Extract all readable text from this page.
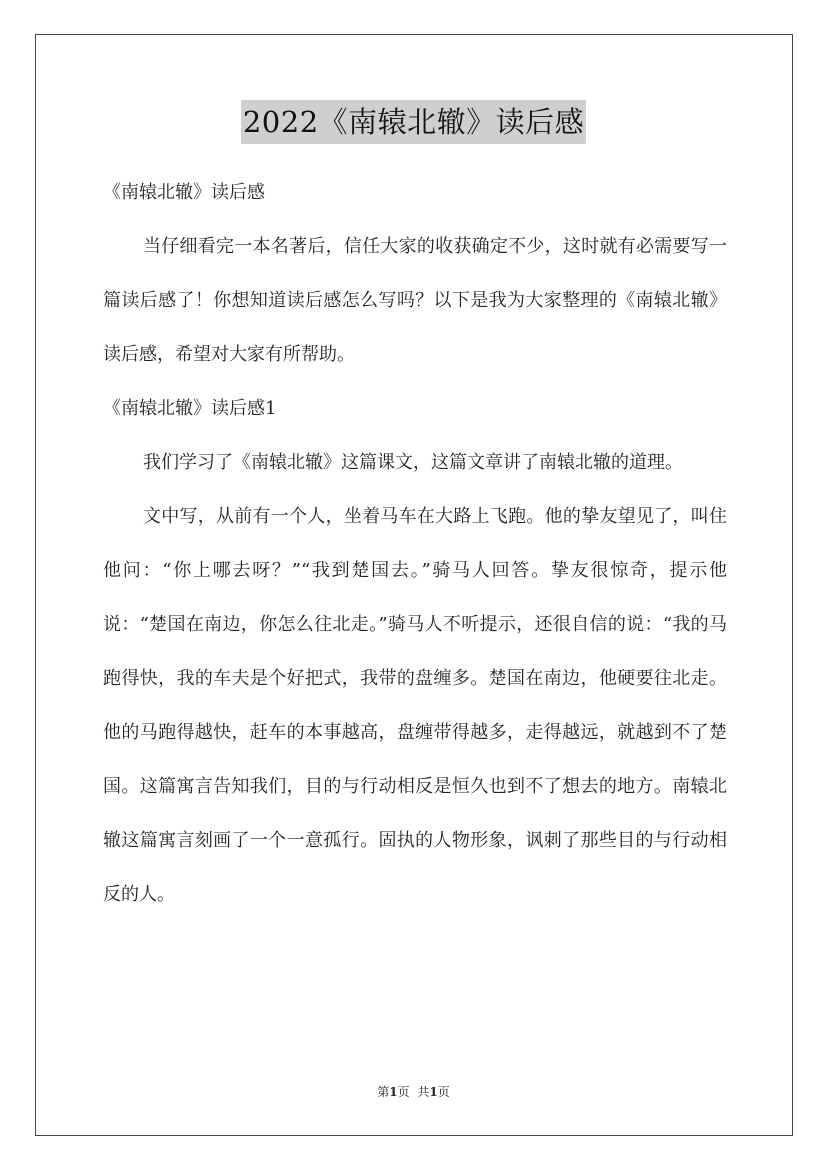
2022《南辕北辙》读后感

《南辕北辙》读后感

当仔细看完一本名著后，信任大家的收获确定不少，这时就有必需要写一篇读后感了！你想知道读后感怎么写吗？以下是我为大家整理的《南辕北辙》读后感，希望对大家有所帮助。

《南辕北辙》读后感1

我们学习了《南辕北辙》这篇课文，这篇文章讲了南辕北辙的道理。

文中写，从前有一个人，坐着马车在大路上飞跑。他的挚友望见了，叫住他问：“你上哪去呀？”“我到楚国去。”骑马人回答。挚友很惊奇，提示他说：“楚国在南边，你怎么往北走。”骑马人不听提示，还很自信的说：“我的马跑得快，我的车夫是个好把式，我带的盘缠多。楚国在南边，他硬要往北走。他的马跑得越快，赶车的本事越高，盘缠带得越多，走得越远，就越到不了楚国。这篇寓言告知我们，目的与行动相反是恒久也到不了想去的地方。南辕北辙这篇寓言刻画了一个一意孤行。固执的人物形象，讽刺了那些目的与行动相反的人。

第1页 共1页
